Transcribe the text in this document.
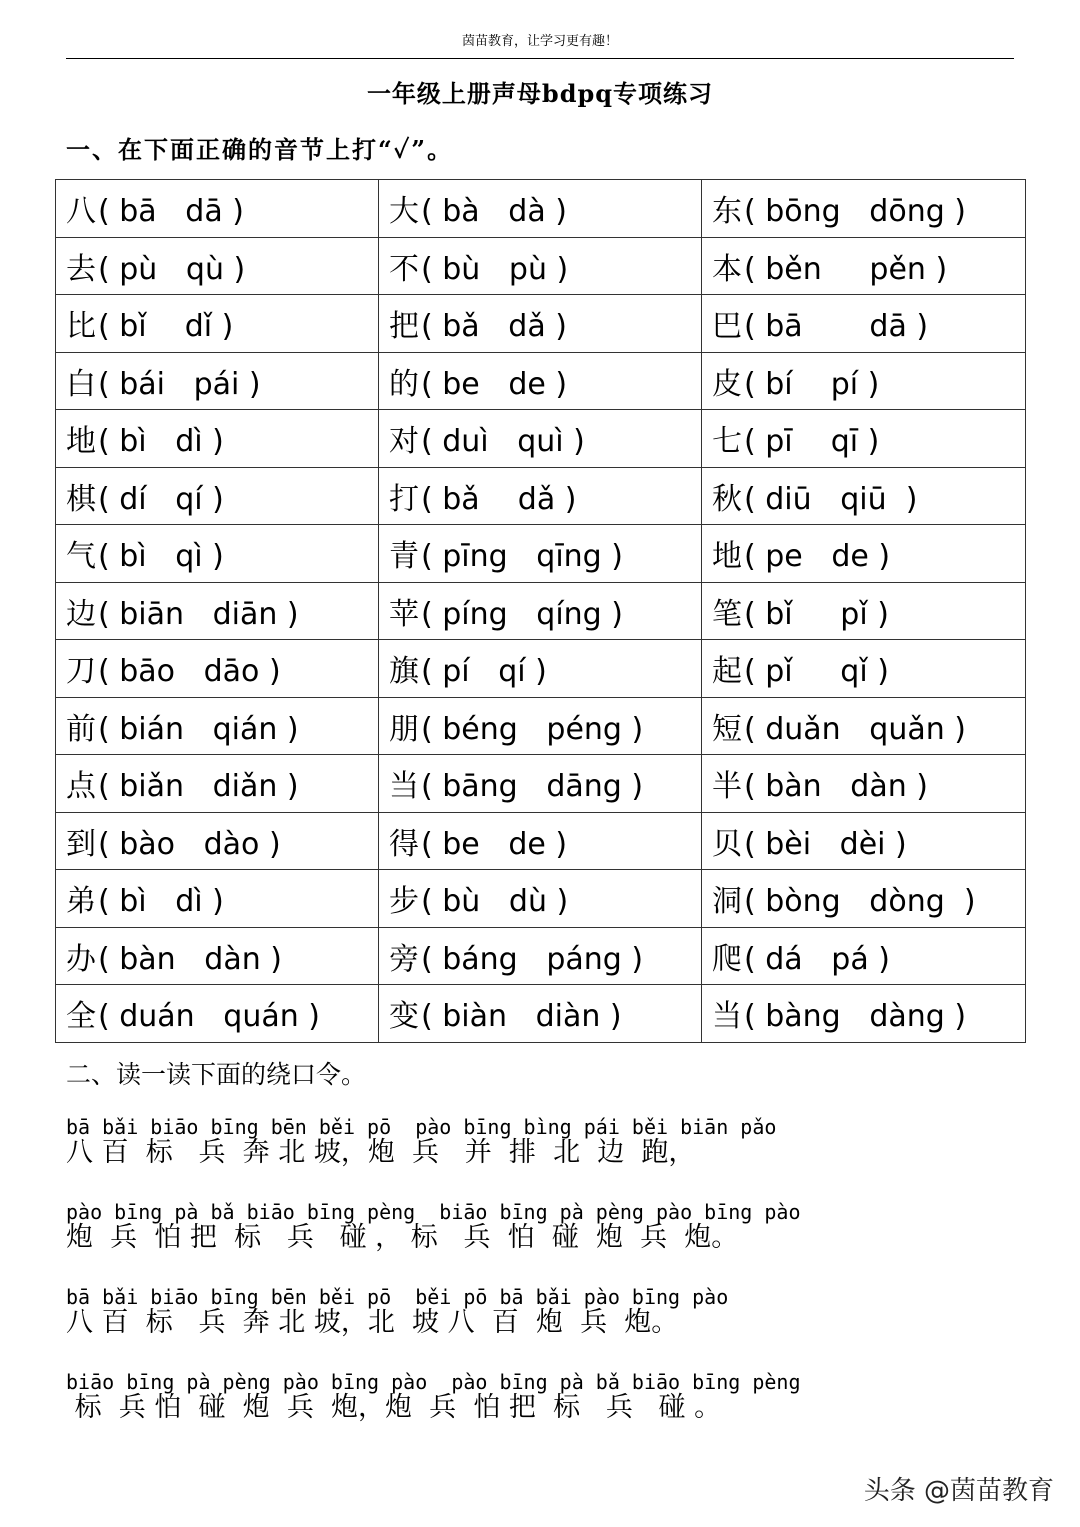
茵苗教育，让学习更有趣！
一年级上册声母bdpq专项练习
一、在下面正确的音节上打“✓”。
八( bā   dā )	大( bà   dà )	东( bōng   dōng )
去( pù   qù )	不( bù   pù )	本( běn     pěn )
比( bǐ    dǐ )	把( bǎ   dǎ )	巴( bā       dā )
白( bái   pái )	的( be   de )	皮( bí    pí )
地( bì   dì )	对( duì   quì )	七( pī    qī )
棋( dí   qí )	打( bǎ    dǎ )	秋( diū   qiū  )
气( bì   qì )	青( pīng   qīng )	地( pe   de )
边( biān   diān )	苹( píng   qíng )	笔( bǐ     pǐ )
刀( bāo   dāo )	旗( pí   qí )	起( pǐ     qǐ )
前( bián   qián )	朋( béng   péng )	短( duǎn   quǎn )
点( biǎn   diǎn )	当( bāng   dāng )	半( bàn   dàn )
到( bào   dào )	得( be   de )	贝( bèi   dèi )
弟( bì   dì )	步( bù   dù )	洞( bòng   dòng  )
办( bàn   dàn )	旁( báng   páng )	爬( dá   pá )
全( duán   quán )	变( biàn   diàn )	当( bàng   dàng )
二、读一读下面的绕口令。
bā bǎi biāo bīng bēn běi pō  pào bīng bìng pái běi biān pǎo
八 百  标   兵  奔 北 坡，炮  兵   并  排  北  边  跑，
pào bīng pà bǎ biāo bīng pèng  biāo bīng pà pèng pào bīng pào
炮  兵  怕 把  标   兵   碰 ， 标   兵  怕  碰  炮  兵  炮。
bā bǎi biāo bīng bēn běi pō  běi pō bā bǎi pào bīng pào
八 百  标   兵  奔 北 坡，北  坡 八  百  炮  兵  炮。
biāo bīng pà pèng pào bīng pào  pào bīng pà bǎ biāo bīng pèng
标  兵 怕  碰  炮  兵  炮，炮  兵  怕 把  标   兵   碰 。
头条 @茵苗教育
